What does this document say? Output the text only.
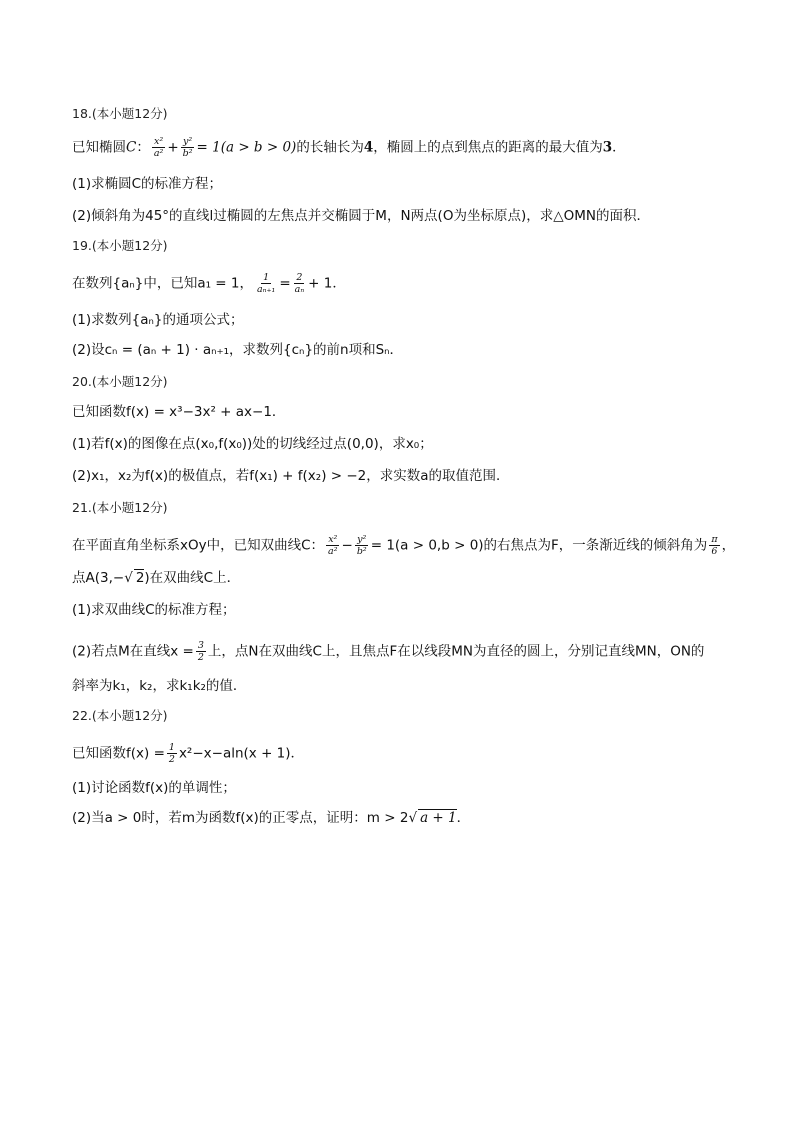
18.(本小题12分)
已知椭圆C： $\frac{\text{x²}}{\text{a²}} + \frac{\text{y²}}{\text{b²}} = 1(a > b > 0)$的长轴长为4，椭圆上的点到焦点的距离的最大值为3．
(1)求椭圆C的标准方程；
(2)倾斜角为45°的直线l过椭圆的左焦点并交椭圆于M，N两点(O为坐标原点)，求△OMN的面积．
19.(本小题12分)
在数列{aₙ}中，已知a₁ = 1， $\frac{1}{\text{aₙ₊₁}} = \frac{2}{\text{aₙ}} + 1$．
(1)求数列{aₙ}的通项公式；
(2)设cₙ = (aₙ + 1) · aₙ₊₁，求数列{cₙ}的前n项和Sₙ．
20.(本小题12分)
已知函数f(x) = x³−3x² + ax−1．
(1)若f(x)的图像在点(x₀,f(x₀))处的切线经过点(0,0)，求x₀；
(2)x₁，x₂为f(x)的极值点，若f(x₁) + f(x₂) > −2，求实数a的取值范围．
21.(本小题12分)
在平面直角坐标系xOy中，已知双曲线C： $\frac{\text{x²}}{\text{a²}} - \frac{\text{y²}}{\text{b²}} = 1(a > 0,b > 0)$的右焦点为F，一条渐近线的倾斜角为 $\frac{\pi}{6}$ ，
点A(3,−√ 2)在双曲线C上．
(1)求双曲线C的标准方程；
(2)若点M在直线$x = \frac{3}{2}$ 上，点N在双曲线C上，且焦点F在以线段MN为直径的圆上，分别记直线MN，ON的
斜率为k₁，k₂，求k₁k₂的值．
22.(本小题12分)
已知函数$f(x) = \frac{1}{2} x^2-x-aln(x + 1)$．
(1)讨论函数f(x)的单调性；
(2)当a > 0时，若m为函数f(x)的正零点，证明：m > 2√ a + 1．
